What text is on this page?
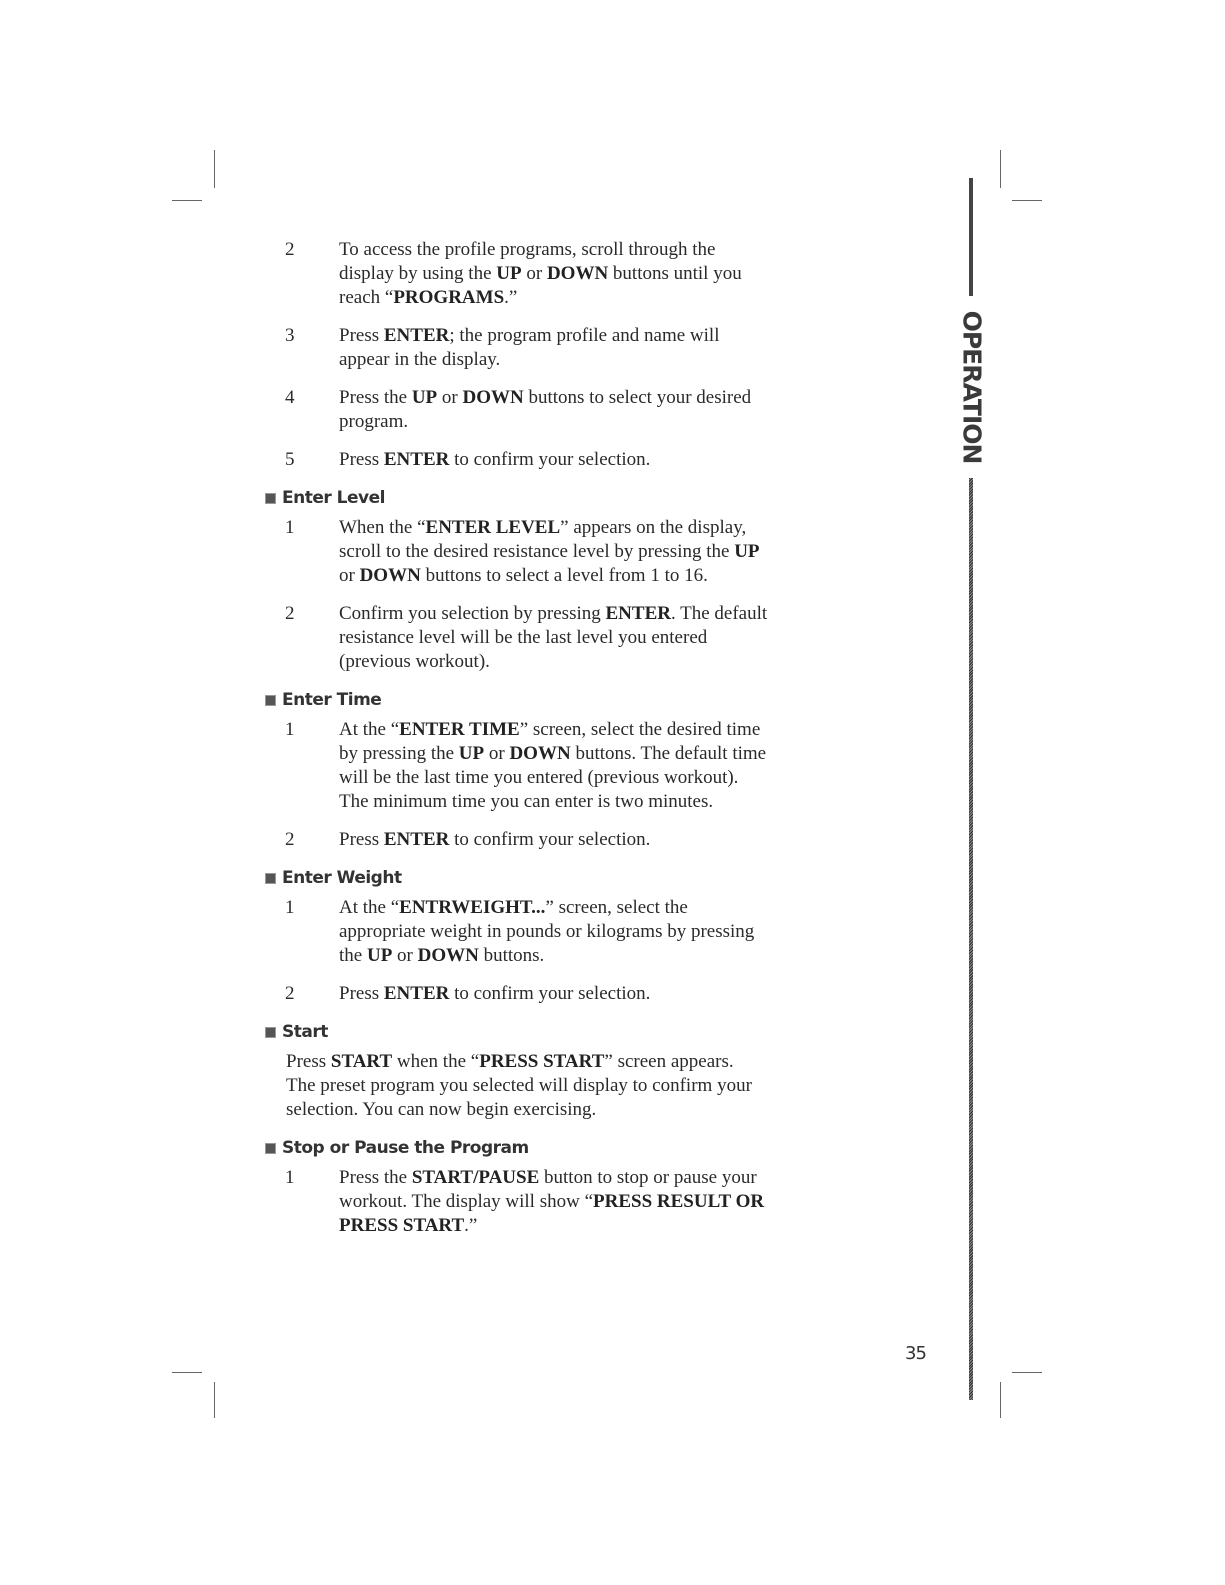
OPERATION
2	To access the profile programs, scroll through the display by using the UP or DOWN buttons until you reach “PROGRAMS.”
3	Press ENTER; the program profile and name will appear in the display.
4	Press the UP or DOWN buttons to select your desired program.
5	Press ENTER to confirm your selection.
Enter Level
1	When the “ENTER LEVEL” appears on the display, scroll to the desired resistance level by pressing the UP or DOWN buttons to select a level from 1 to 16.
2	Confirm you selection by pressing ENTER. The default resistance level will be the last level you entered (previous workout).
Enter Time
1	At the “ENTER TIME” screen, select the desired time by pressing the UP or DOWN buttons. The default time will be the last time you entered (previous workout). The minimum time you can enter is two minutes.
2	Press ENTER to confirm your selection.
Enter Weight
1	At the “ENTRWEIGHT...” screen, select the appropriate weight in pounds or kilograms by pressing the UP or DOWN buttons.
2	Press ENTER to confirm your selection.
Start
Press START when the “PRESS START” screen appears. The preset program you selected will display to confirm your selection. You can now begin exercising.
Stop or Pause the Program
1	Press the START/PAUSE button to stop or pause your workout. The display will show “PRESS RESULT OR PRESS START.”
35
